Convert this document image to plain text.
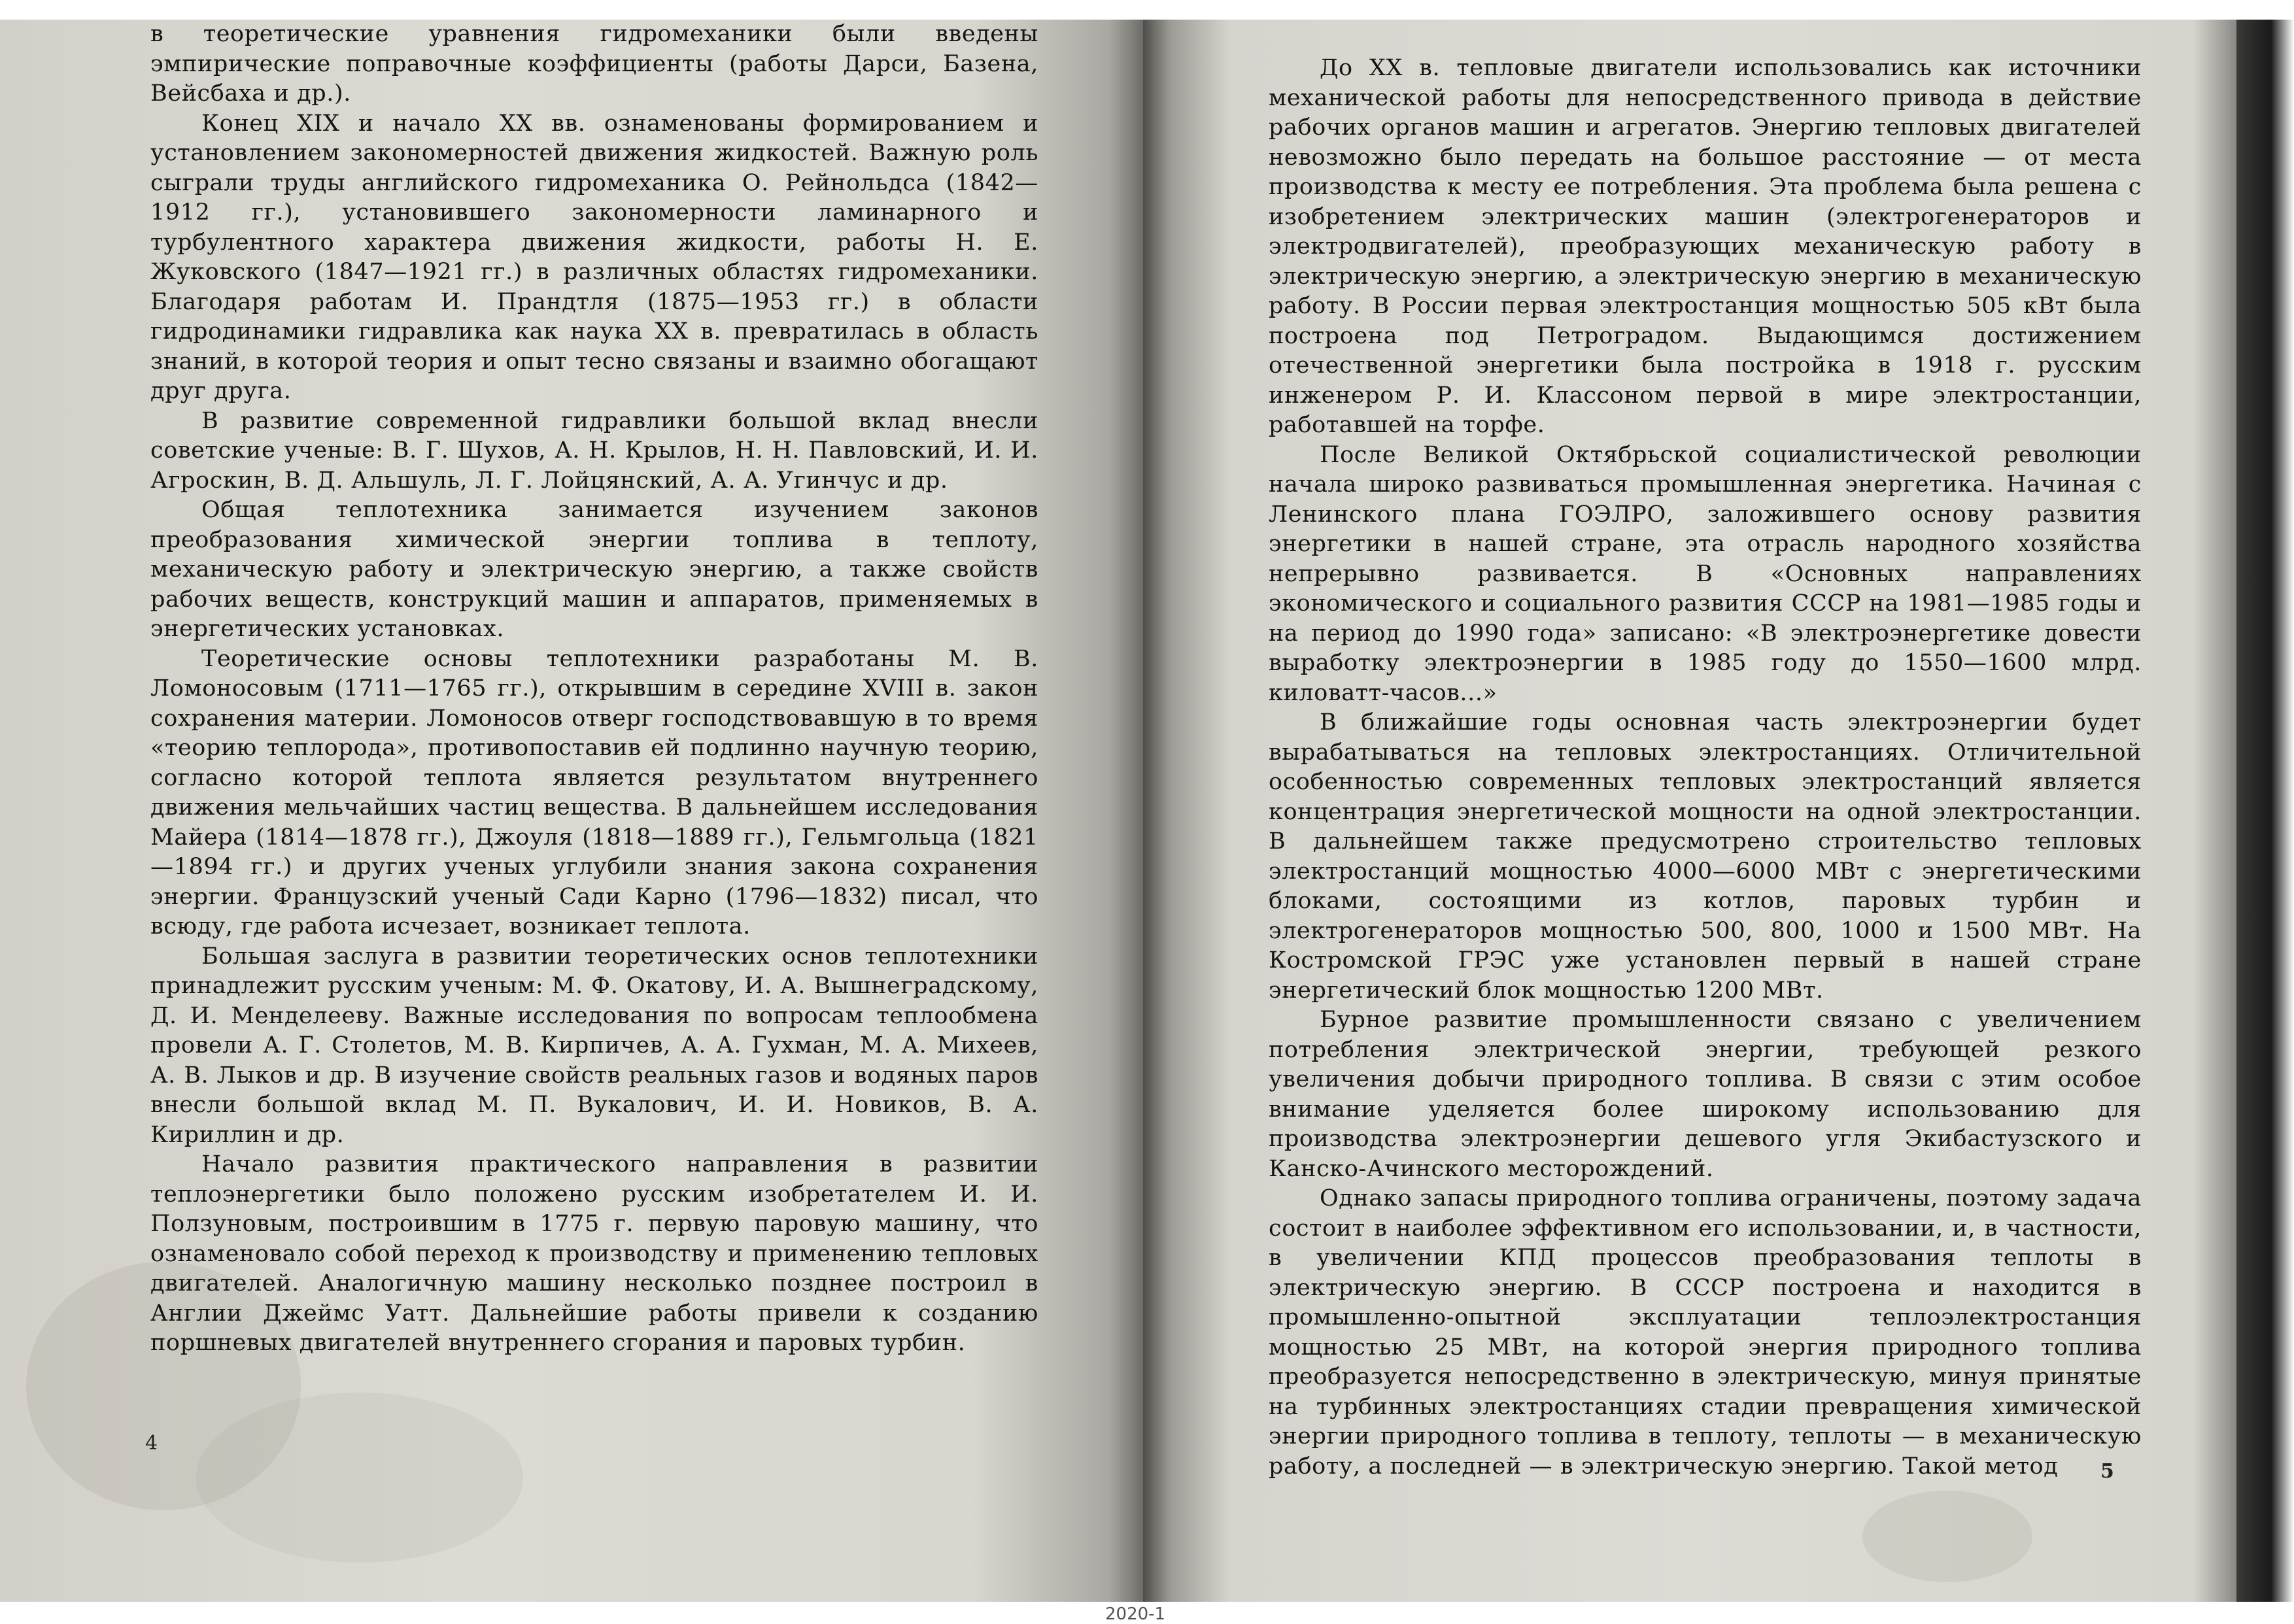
в теоретические уравнения гидромеханики были введены эмпирические поправочные коэффициенты (работы Дарси, Базена, Вейсбаха и др.).

Конец XIX и начало XX вв. ознаменованы формированием и установлением закономерностей движения жидкостей. Важную роль сыграли труды английского гидромеханика О. Рейнольдса (1842—1912 гг.), установившего закономерности ламинарного и турбулентного характера движения жидкости, работы Н. Е. Жуковского (1847—1921 гг.) в различных областях гидромеханики. Благодаря работам И. Прандтля (1875—1953 гг.) в области гидродинамики гидравлика как наука XX в. превратилась в область знаний, в которой теория и опыт тесно связаны и взаимно обогащают друг друга.

В развитие современной гидравлики большой вклад внесли советские ученые: В. Г. Шухов, А. Н. Крылов, Н. Н. Павловский, И. И. Агроскин, В. Д. Альшуль, Л. Г. Лойцянский, А. А. Угинчус и др.

Общая теплотехника занимается изучением законов преобразования химической энергии топлива в теплоту, механическую работу и электрическую энергию, а также свойств рабочих веществ, конструкций машин и аппаратов, применяемых в энергетических установках.

Теоретические основы теплотехники разработаны М. В. Ломоносовым (1711—1765 гг.), открывшим в середине XVIII в. закон сохранения материи. Ломоносов отверг господствовавшую в то время «теорию теплорода», противопоставив ей подлинно научную теорию, согласно которой теплота является результатом внутреннего движения мельчайших частиц вещества. В дальнейшем исследования Майера (1814—1878 гг.), Джоуля (1818—1889 гг.), Гельмгольца (1821—1894 гг.) и других ученых углубили знания закона сохранения энергии. Французский ученый Сади Карно (1796—1832) писал, что всюду, где работа исчезает, возникает теплота.

Большая заслуга в развитии теоретических основ теплотехники принадлежит русским ученым: М. Ф. Окатову, И. А. Вышнеградскому, Д. И. Менделееву. Важные исследования по вопросам теплообмена провели А. Г. Столетов, М. В. Кирпичев, А. А. Гухман, М. А. Михеев, А. В. Лыков и др. В изучение свойств реальных газов и водяных паров внесли большой вклад М. П. Вукалович, И. И. Новиков, В. А. Кириллин и др.

Начало развития практического направления в развитии теплоэнергетики было положено русским изобретателем И. И. Ползуновым, построившим в 1775 г. первую паровую машину, что ознаменовало собой переход к производству и применению тепловых двигателей. Аналогичную машину несколько позднее построил в Англии Джеймс Уатт. Дальнейшие работы привели к созданию поршневых двигателей внутреннего сгорания и паровых турбин.

До XX в. тепловые двигатели использовались как источники механической работы для непосредственного привода в действие рабочих органов машин и агрегатов. Энергию тепловых двигателей невозможно было передать на большое расстояние — от места производства к месту ее потребления. Эта проблема была решена с изобретением электрических машин (электрогенераторов и электродвигателей), преобразующих механическую работу в электрическую энергию, а электрическую энергию в механическую работу. В России первая электростанция мощностью 505 кВт была построена под Петроградом. Выдающимся достижением отечественной энергетики была постройка в 1918 г. русским инженером Р. И. Классоном первой в мире электростанции, работавшей на торфе.

После Великой Октябрьской социалистической революции начала широко развиваться промышленная энергетика. Начиная с Ленинского плана ГОЭЛРО, заложившего основу развития энергетики в нашей стране, эта отрасль народного хозяйства непрерывно развивается. В «Основных направлениях экономического и социального развития СССР на 1981—1985 годы и на период до 1990 года» записано: «В электроэнергетике довести выработку электроэнергии в 1985 году до 1550—1600 млрд. киловатт-часов...»

В ближайшие годы основная часть электроэнергии будет вырабатываться на тепловых электростанциях. Отличительной особенностью современных тепловых электростанций является концентрация энергетической мощности на одной электростанции. В дальнейшем также предусмотрено строительство тепловых электростанций мощностью 4000—6000 МВт с энергетическими блоками, состоящими из котлов, паровых турбин и электрогенераторов мощностью 500, 800, 1000 и 1500 МВт. На Костромской ГРЭС уже установлен первый в нашей стране энергетический блок мощностью 1200 МВт.

Бурное развитие промышленности связано с увеличением потребления электрической энергии, требующей резкого увеличения добычи природного топлива. В связи с этим особое внимание уделяется более широкому использованию для производства электроэнергии дешевого угля Экибастузского и Канско-Ачинского месторождений.

Однако запасы природного топлива ограничены, поэтому задача состоит в наиболее эффективном его использовании, и, в частности, в увеличении КПД процессов преобразования теплоты в электрическую энергию. В СССР построена и находится в промышленно-опытной эксплуатации теплоэлектростанция мощностью 25 МВт, на которой энергия природного топлива преобразуется непосредственно в электрическую, минуя принятые на турбинных электростанциях стадии превращения химической энергии природного топлива в теплоту, теплоты — в механическую работу, а последней — в электрическую энергию. Такой метод

4
5
2020-1
